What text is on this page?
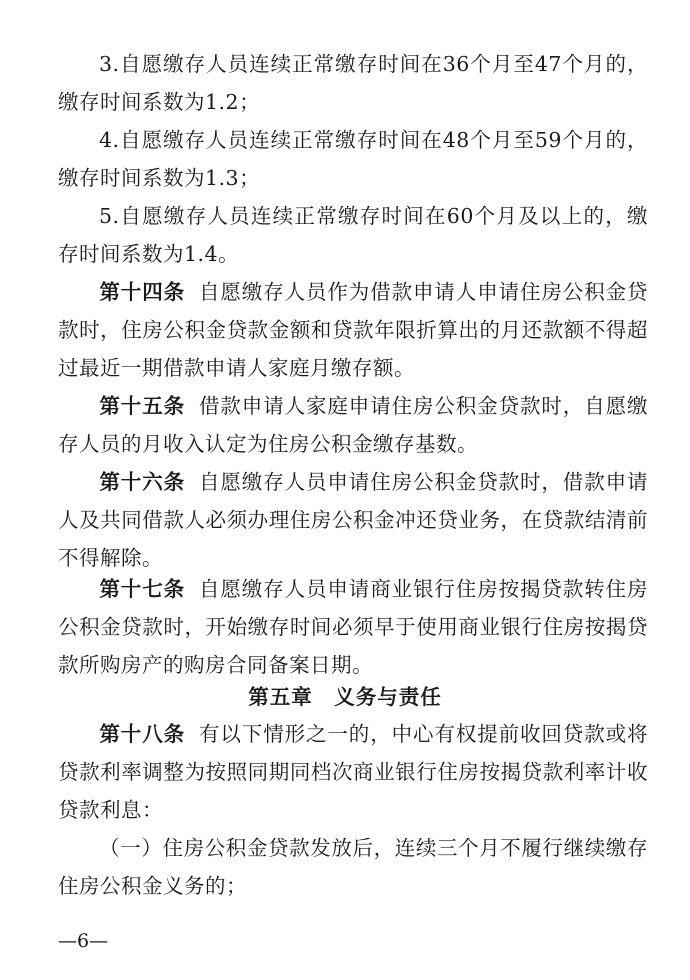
3.自愿缴存人员连续正常缴存时间在36个月至47个月的，缴存时间系数为1.2；

4.自愿缴存人员连续正常缴存时间在48个月至59个月的，缴存时间系数为1.3；

5.自愿缴存人员连续正常缴存时间在60个月及以上的，缴存时间系数为1.4。

第十四条 自愿缴存人员作为借款申请人申请住房公积金贷款时，住房公积金贷款金额和贷款年限折算出的月还款额不得超过最近一期借款申请人家庭月缴存额。

第十五条 借款申请人家庭申请住房公积金贷款时，自愿缴存人员的月收入认定为住房公积金缴存基数。

第十六条 自愿缴存人员申请住房公积金贷款时，借款申请人及共同借款人必须办理住房公积金冲还贷业务，在贷款结清前不得解除。

第十七条 自愿缴存人员申请商业银行住房按揭贷款转住房公积金贷款时，开始缴存时间必须早于使用商业银行住房按揭贷款所购房产的购房合同备案日期。

第五章　义务与责任

第十八条 有以下情形之一的，中心有权提前收回贷款或将贷款利率调整为按照同期同档次商业银行住房按揭贷款利率计收贷款利息：

（一）住房公积金贷款发放后，连续三个月不履行继续缴存住房公积金义务的；

—6—
